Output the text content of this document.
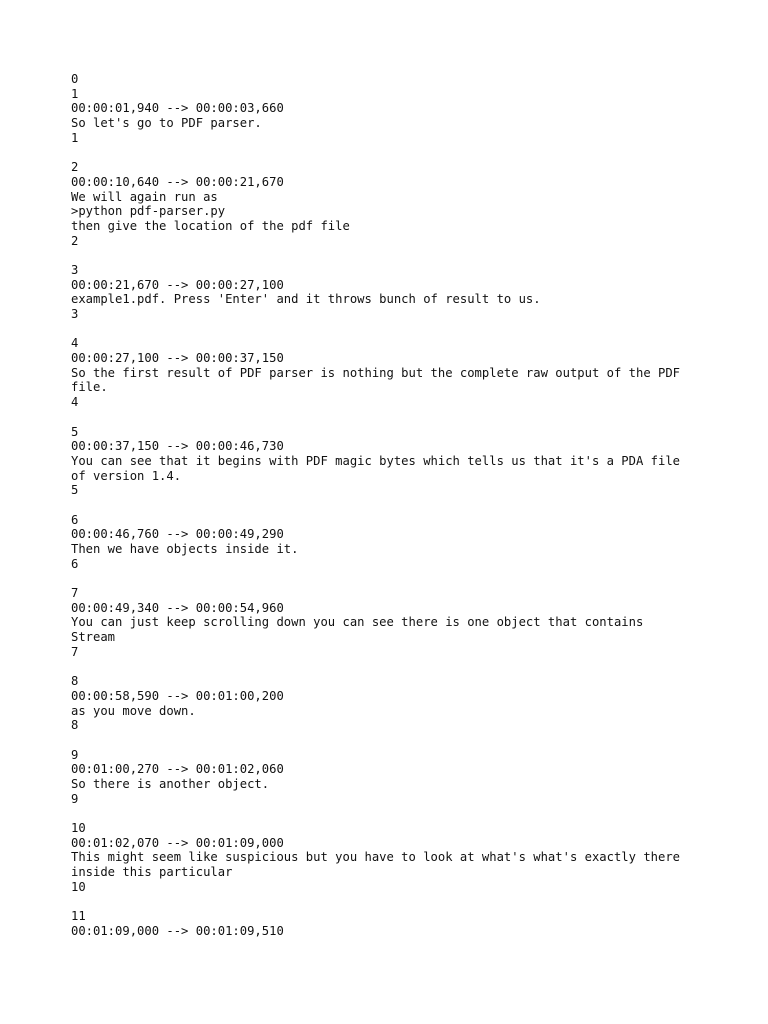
0
1
00:00:01,940 --> 00:00:03,660
So let's go to PDF parser.
1
2
00:00:10,640 --> 00:00:21,670
We will again run as
>python pdf-parser.py
then give the location of the pdf file
2
3
00:00:21,670 --> 00:00:27,100
example1.pdf. Press 'Enter' and it throws bunch of result to us.
3
4
00:00:27,100 --> 00:00:37,150
So the first result of PDF parser is nothing but the complete raw output of the PDF
file.
4
5
00:00:37,150 --> 00:00:46,730
You can see that it begins with PDF magic bytes which tells us that it's a PDA file
of version 1.4.
5
6
00:00:46,760 --> 00:00:49,290
Then we have objects inside it.
6
7
00:00:49,340 --> 00:00:54,960
You can just keep scrolling down you can see there is one object that contains
Stream
7
8
00:00:58,590 --> 00:01:00,200
as you move down.
8
9
00:01:00,270 --> 00:01:02,060
So there is another object.
9
10
00:01:02,070 --> 00:01:09,000
This might seem like suspicious but you have to look at what's what's exactly there
inside this particular
10
11
00:01:09,000 --> 00:01:09,510
